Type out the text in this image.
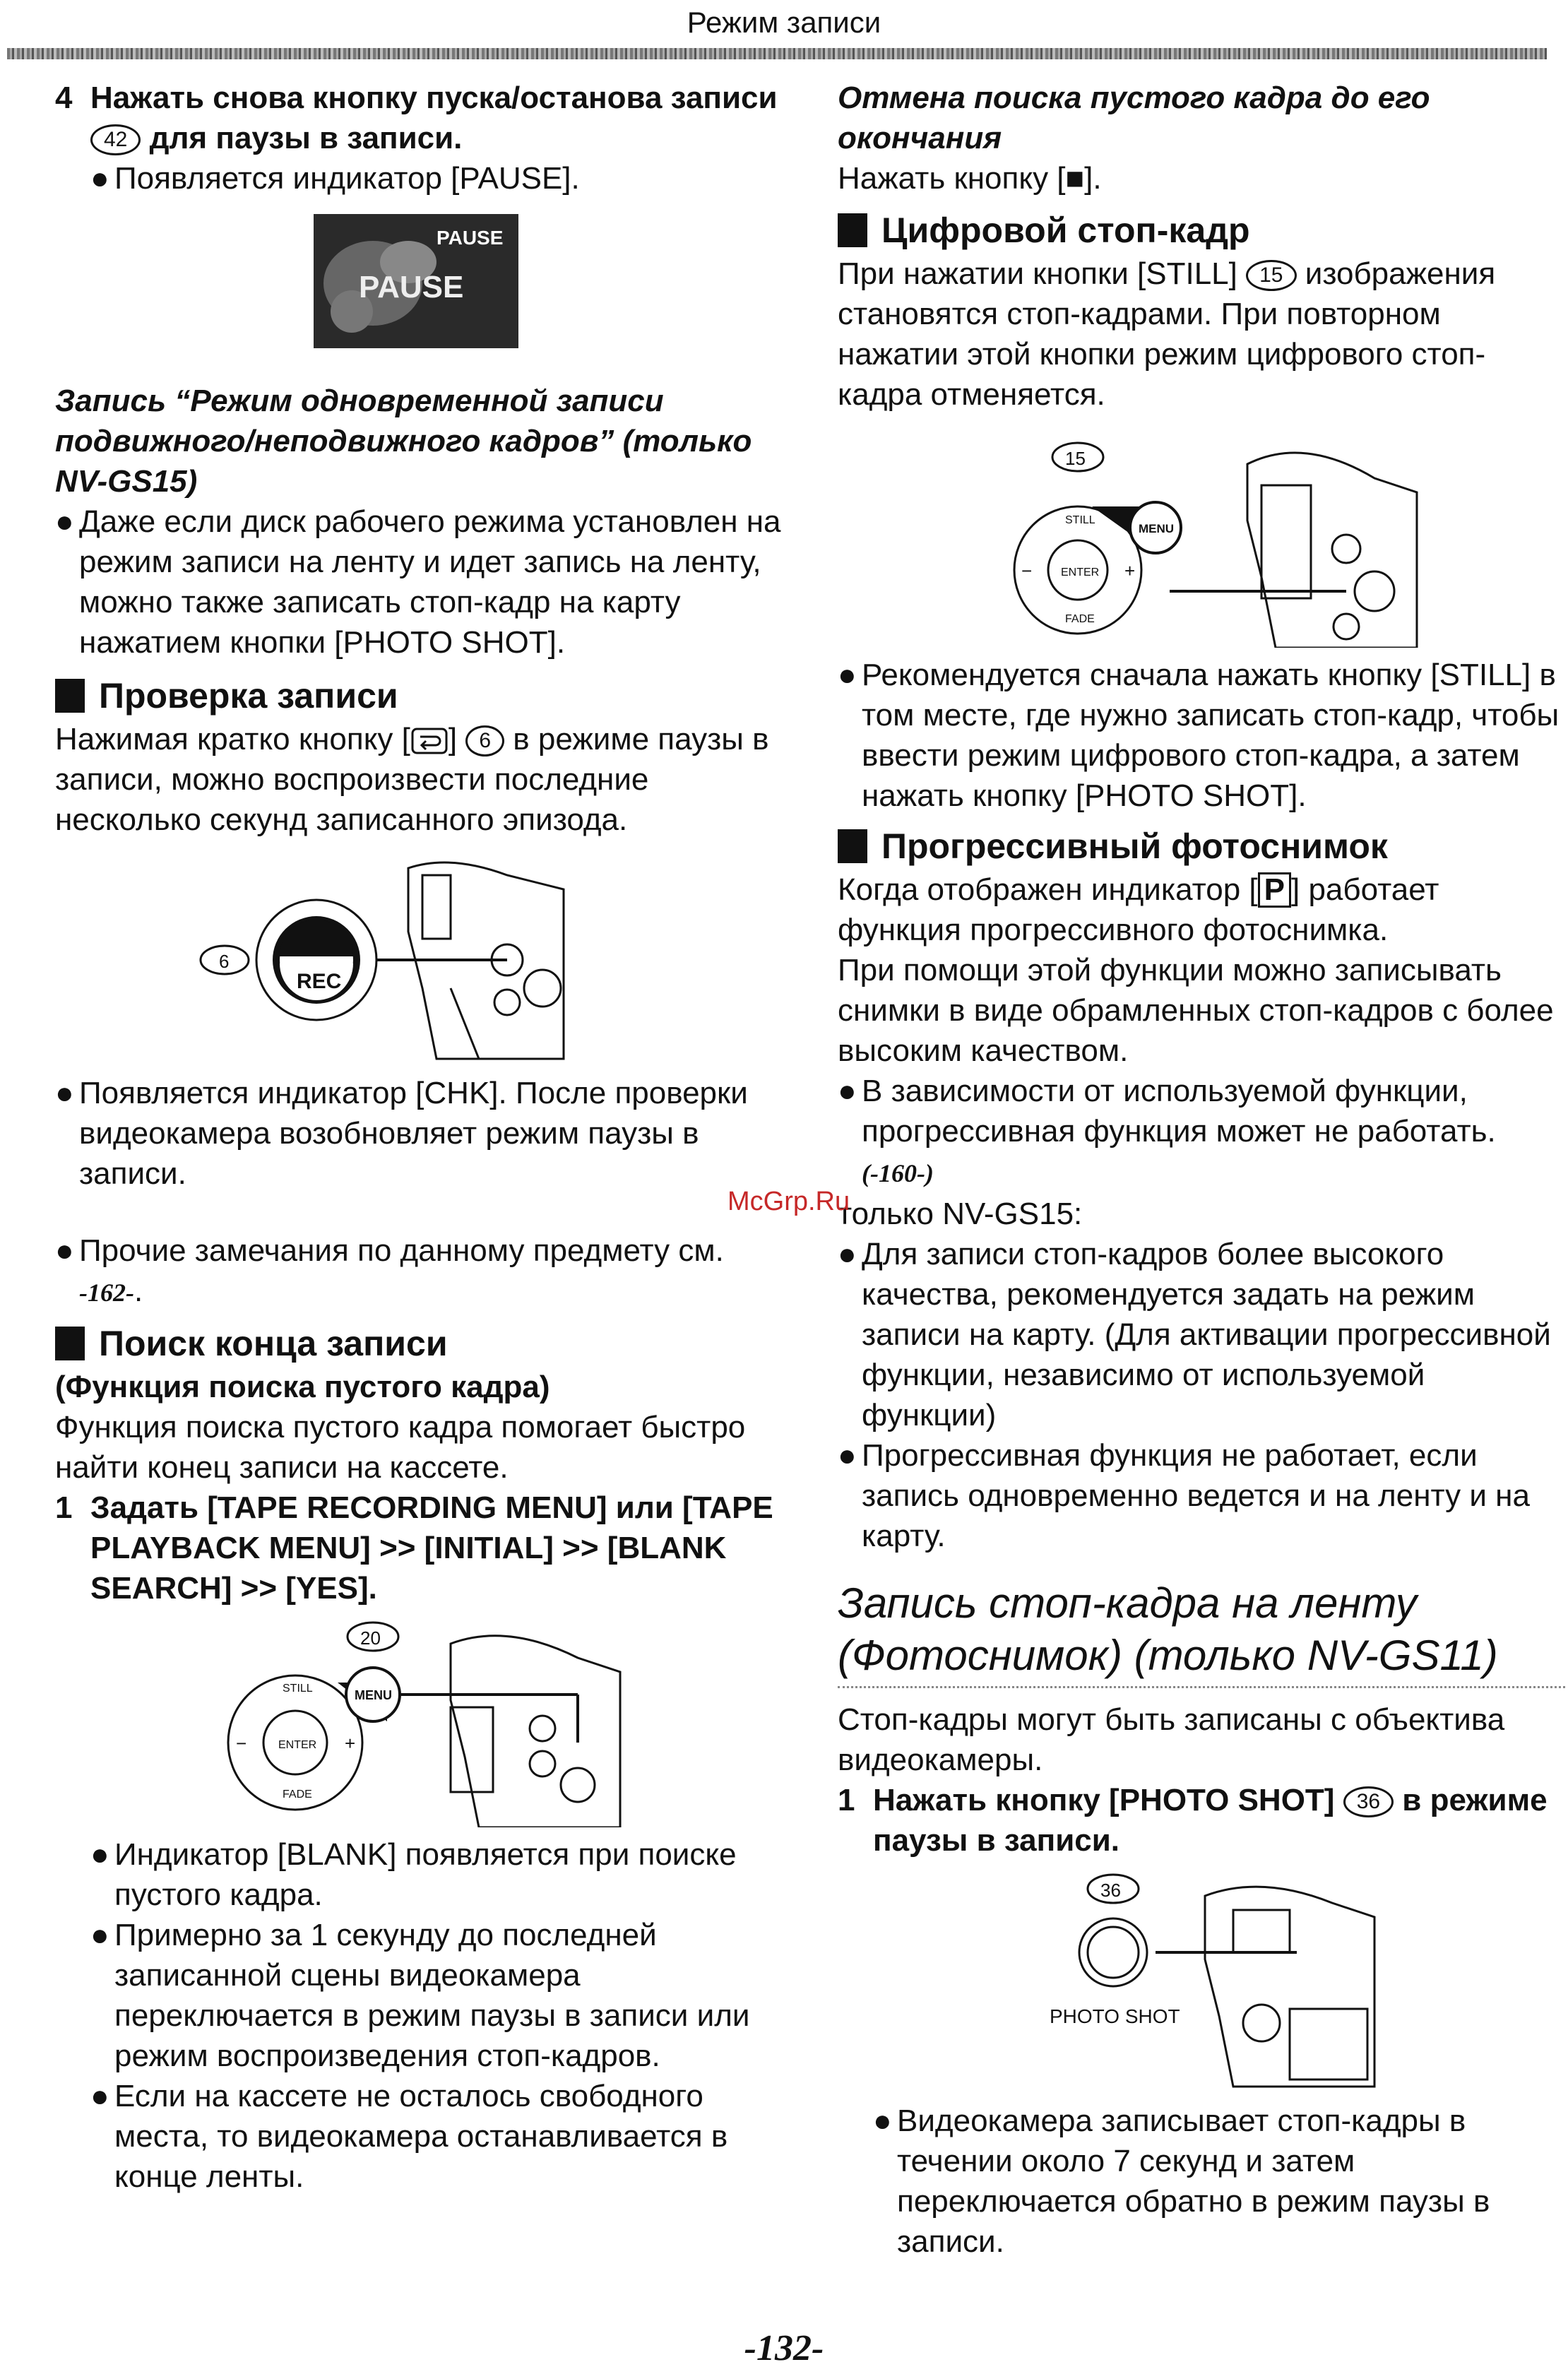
Режим записи
4 Нажать снова кнопку пуска/останова записи 42 для паузы в записи.
● Появляется индикатор [PAUSE].
PAUSE
PAUSE

Запись “Режим одновременной записи подвижного/неподвижного кадров” (только NV-GS15)

● Даже если диск рабочего режима установлен на режим записи на ленту и идет запись на ленту, можно также записать стоп-кадр на карту нажатием кнопки [PHOTO SHOT].
Проверка записи

Нажимая кратко кнопку [ ] 6 в режиме паузы в записи, можно воспроизвести последние несколько секунд записанного эпизода.

6
REC
● Появляется индикатор [CHK]. После проверки видеокамера возобновляет режим паузы в записи.
● Прочие замечания по данному предмету см.
-162-.
Поиск конца записи

(Функция поиска пустого кадра)

Функция поиска пустого кадра помогает быстро найти конец записи на кассете.

1 Задать [TAPE RECORDING MENU] или [TAPE PLAYBACK MENU] >> [INITIAL] >> [BLANK SEARCH] >> [YES].
20
STILL
ENTER
FADE
−	+
MENU
● Индикатор [BLANK] появляется при поиске пустого кадра.
● Примерно за 1 секунду до последней записанной сцены видеокамера переключается в режим паузы в записи или режим воспроизведения стоп-кадров.
● Если на кассете не осталось свободного места, то видеокамера останавливается в конце ленты.

Отмена поиска пустого кадра до его окончания

Нажать кнопку [■].

Цифровой стоп-кадр

При нажатии кнопки [STILL] 15 изображения становятся стоп-кадрами. При повторном нажатии этой кнопки режим цифрового стоп-кадра отменяется.

15
STILL
ENTER
FADE
−	+
MENU
● Рекомендуется сначала нажать кнопку [STILL] в том месте, где нужно записать стоп-кадр, чтобы ввести режим цифрового стоп-кадра, а затем нажать кнопку [PHOTO SHOT].
Прогрессивный фотоснимок

Когда отображен индикатор [ P ] работает функция прогрессивного фотоснимка.

При помощи этой функции можно записывать снимки в виде обрамленных стоп-кадров с более высоким качеством.

● В зависимости от используемой функции, прогрессивная функция может не работать.
(-160-)

только NV-GS15:

● Для записи стоп-кадров более высокого качества, рекомендуется задать на режим записи на карту. (Для активации прогрессивной функции, независимо от используемой функции)
● Прогрессивная функция не работает, если запись одновременно ведется и на ленту и на карту.

Запись стоп-кадра на ленту (Фотоснимок) (только NV-GS11)

Стоп-кадры могут быть записаны с объектива видеокамеры.

1 Нажать кнопку [PHOTO SHOT] 36 в режиме паузы в записи.
36
PHOTO SHOT
● Видеокамера записывает стоп-кадры в течении около 7 секунд и затем переключается обратно в режим паузы в записи.
McGrp.Ru
-132-
